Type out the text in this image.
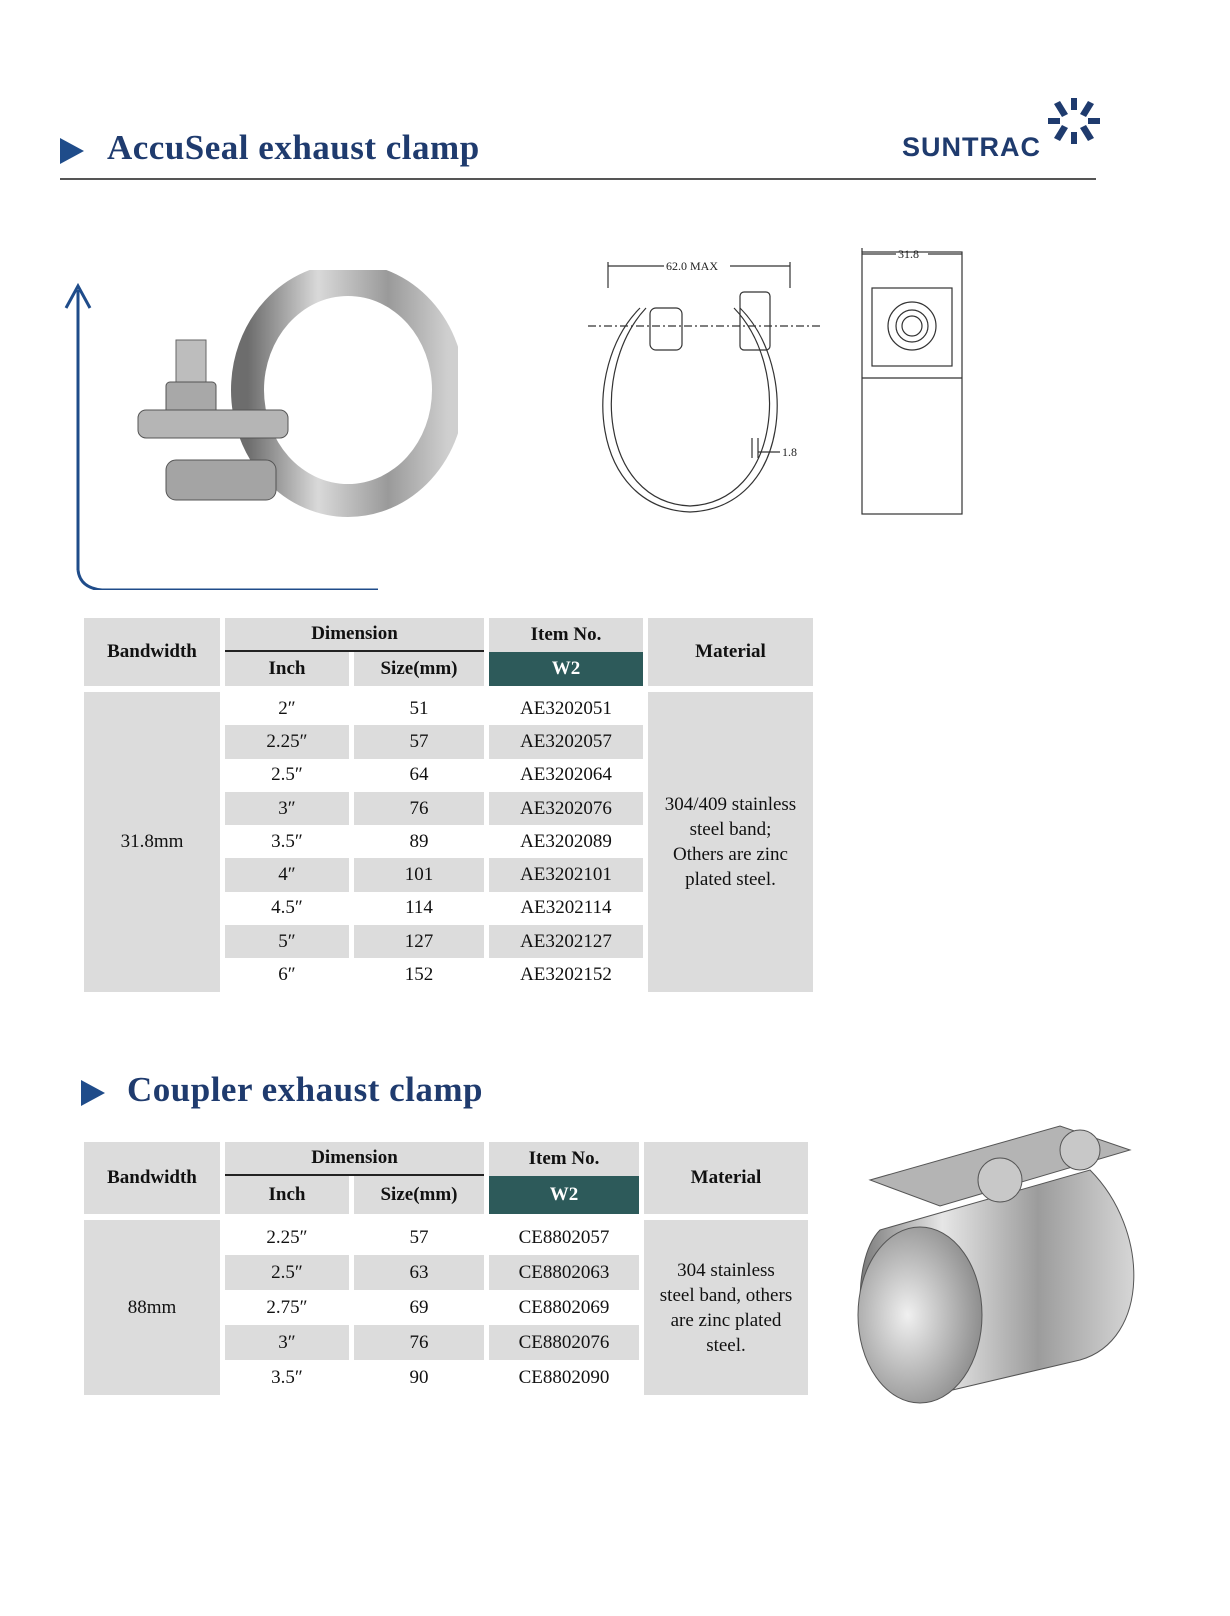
AccuSeal exhaust clamp	SUNTRAC
62.0 MAX
31.8
1.8
Bandwidth	Dimension		Item No.	Material
	Inch	Size(mm)	W2	

31.8mm	2″	51	AE3202051	304/409 stainless
steel band;
Others are zinc
plated steel.

	2.25″	57	AE3202057	
	2.5″	64	AE3202064	
	3″	76	AE3202076	
	3.5″	89	AE3202089	
	4″	101	AE3202101	
	4.5″	114	AE3202114	
	5″	127	AE3202127	
	6″	152	AE3202152	
Coupler exhaust clamp
Bandwidth	Dimension		Item No.	Material
	Inch	Size(mm)	W2	

88mm	2.25″	57	CE8802057	304 stainless
steel band, others
are zinc plated
steel.

	2.5″	63	CE8802063	
	2.75″	69	CE8802069	
	3″	76	CE8802076	
	3.5″	90	CE8802090	
